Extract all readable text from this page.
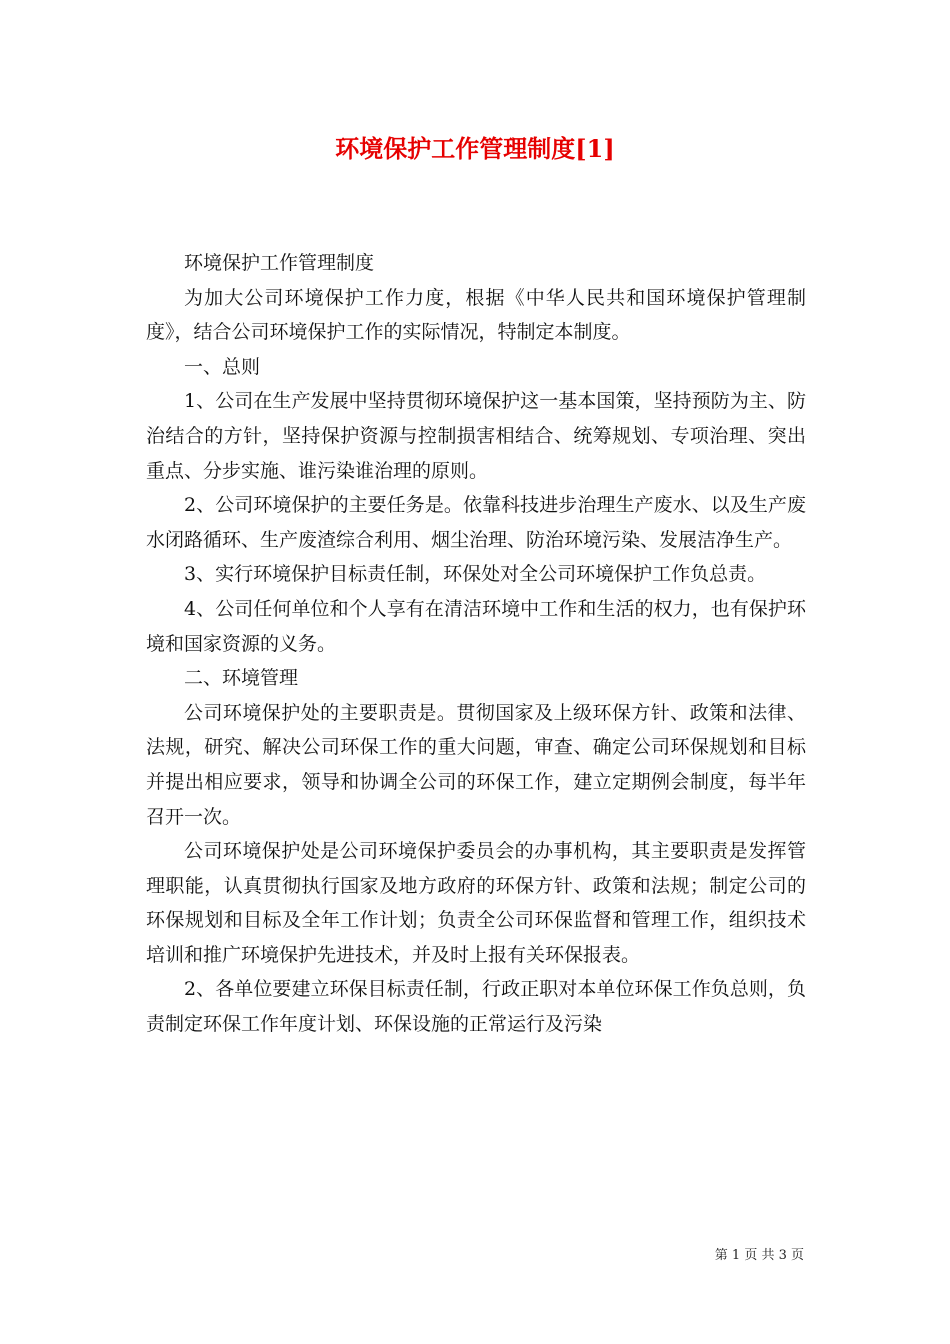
环境保护工作管理制度[1]

环境保护工作管理制度

为加大公司环境保护工作力度，根据《中华人民共和国环境保护管理制度》，结合公司环境保护工作的实际情况，特制定本制度。

一、总则

1、公司在生产发展中坚持贯彻环境保护这一基本国策，坚持预防为主、防治结合的方针，坚持保护资源与控制损害相结合、统筹规划、专项治理、突出重点、分步实施、谁污染谁治理的原则。

2、公司环境保护的主要任务是。依靠科技进步治理生产废水、以及生产废水闭路循环、生产废渣综合利用、烟尘治理、防治环境污染、发展洁净生产。

3、实行环境保护目标责任制，环保处对全公司环境保护工作负总责。

4、公司任何单位和个人享有在清洁环境中工作和生活的权力，也有保护环境和国家资源的义务。

二、环境管理

公司环境保护处的主要职责是。贯彻国家及上级环保方针、政策和法律、法规，研究、解决公司环保工作的重大问题，审查、确定公司环保规划和目标并提出相应要求，领导和协调全公司的环保工作，建立定期例会制度，每半年召开一次。

公司环境保护处是公司环境保护委员会的办事机构，其主要职责是发挥管理职能，认真贯彻执行国家及地方政府的环保方针、政策和法规；制定公司的环保规划和目标及全年工作计划；负责全公司环保监督和管理工作，组织技术培训和推广环境保护先进技术，并及时上报有关环保报表。

2、各单位要建立环保目标责任制，行政正职对本单位环保工作负总则，负责制定环保工作年度计划、环保设施的正常运行及污染

第 1 页 共 3 页
